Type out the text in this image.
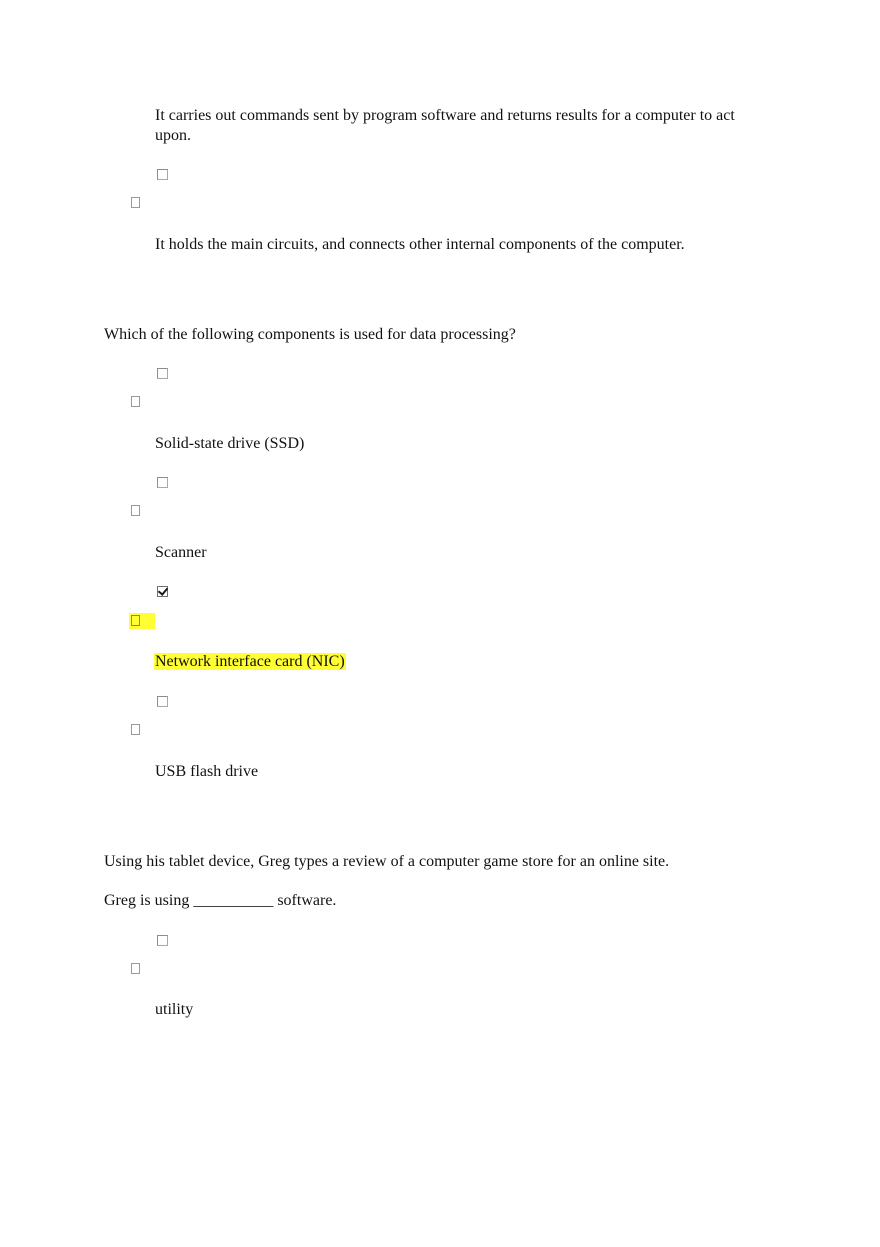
It carries out commands sent by program software and returns results for a computer to act upon.
It holds the main circuits, and connects other internal components of the computer.
Which of the following components is used for data processing?
Solid-state drive (SSD)
Scanner
Network interface card (NIC)
USB flash drive
Using his tablet device, Greg types a review of a computer game store for an online site.
Greg is using __________ software.
utility
